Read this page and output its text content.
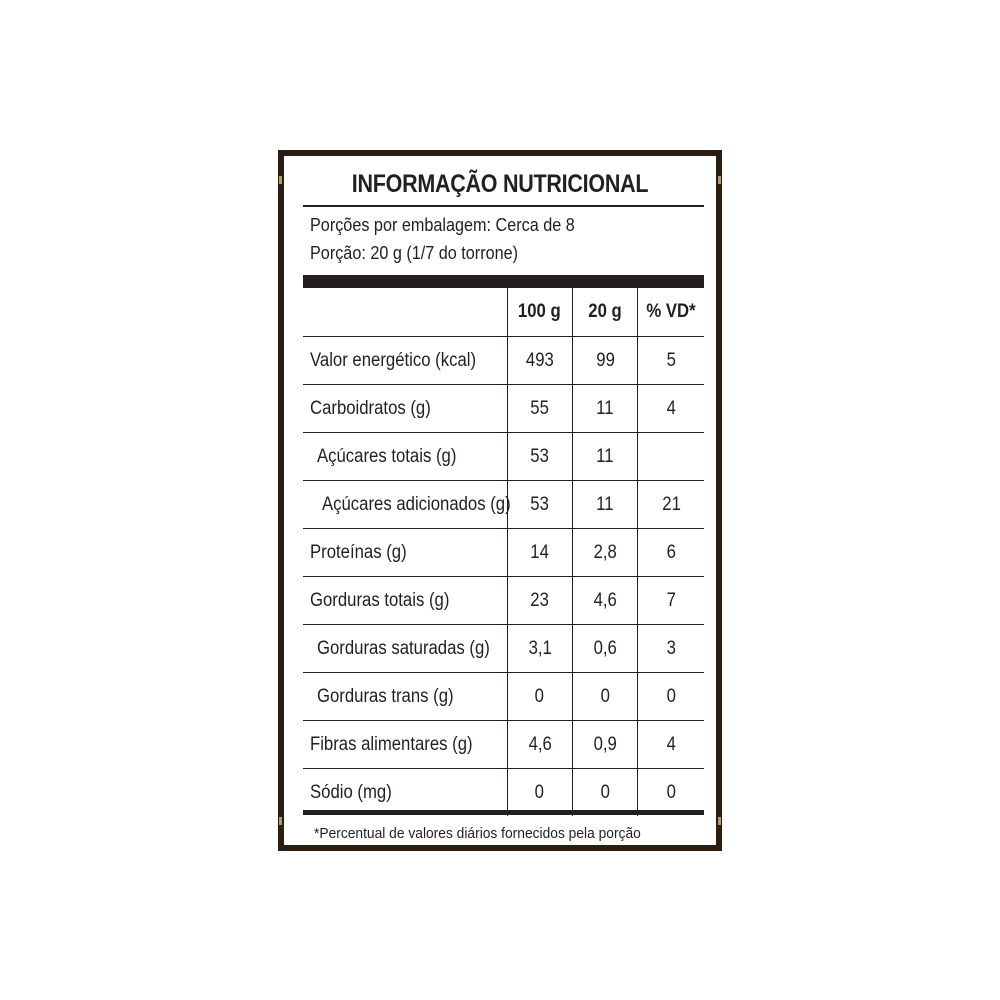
INFORMAÇÃO NUTRICIONAL
Porções por embalagem: Cerca de 8
Porção: 20 g (1/7 do torrone)
	100 g	20 g	% VD*
Valor energético (kcal)	493	99	5
Carboidratos (g)	55	11	4
Açúcares totais (g)	53	11	
Açúcares adicionados (g)	53	11	21
Proteínas (g)	14	2,8	6
Gorduras totais (g)	23	4,6	7
Gorduras saturadas (g)	3,1	0,6	3
Gorduras trans (g)	0	0	0
Fibras alimentares (g)	4,6	0,9	4
Sódio (mg)	0	0	0
*Percentual de valores diários fornecidos pela porção
